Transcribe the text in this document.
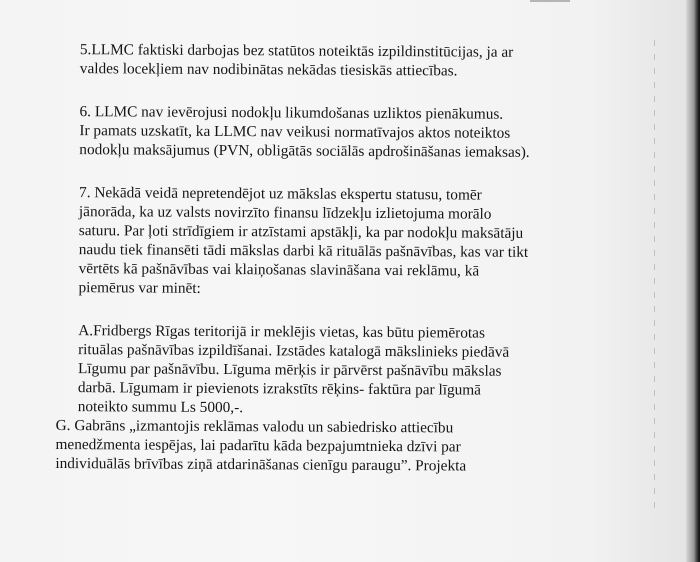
5.LLMC faktiski darbojas bez statūtos noteiktās izpildinstitūcijas, ja ar
valdes locekļiem nav nodibinātas nekādas tiesiskās attiecības.

6. LLMC nav ievērojusi nodokļu likumdošanas uzliktos pienākumus.
Ir pamats uzskatīt, ka LLMC nav veikusi normatīvajos aktos noteiktos
nodokļu maksājumus (PVN, obligātās sociālās apdrošināšanas iemaksas).

7. Nekādā veidā nepretendējot uz mākslas ekspertu statusu, tomēr
jānorāda, ka uz valsts novirzīto finansu līdzekļu izlietojuma morālo
saturu. Par ļoti strīdīgiem ir atzīstami apstākļi, ka par nodokļu maksātāju
naudu tiek finansēti tādi mākslas darbi kā rituālās pašnāvības, kas var tikt
vērtēts kā pašnāvības vai klaiņošanas slavināšana vai reklāmu, kā
piemērus var minēt:

A.Fridbergs Rīgas teritorijā ir meklējis vietas, kas būtu piemērotas
rituālas pašnāvības izpildīšanai. Izstādes katalogā mākslinieks piedāvā
Līgumu par pašnāvību. Līguma mērķis ir pārvērst pašnāvību mākslas
darbā. Līgumam ir pievienots izrakstīts rēķins- faktūra par līgumā
noteikto summu Ls 5000,-.

G. Gabrāns „izmantojis reklāmas valodu un sabiedrisko attiecību
menedžmenta iespējas, lai padarītu kāda bezpajumtnieka dzīvi par
individuālās brīvības ziņā atdarināšanas cienīgu paraugu”. Projekta
